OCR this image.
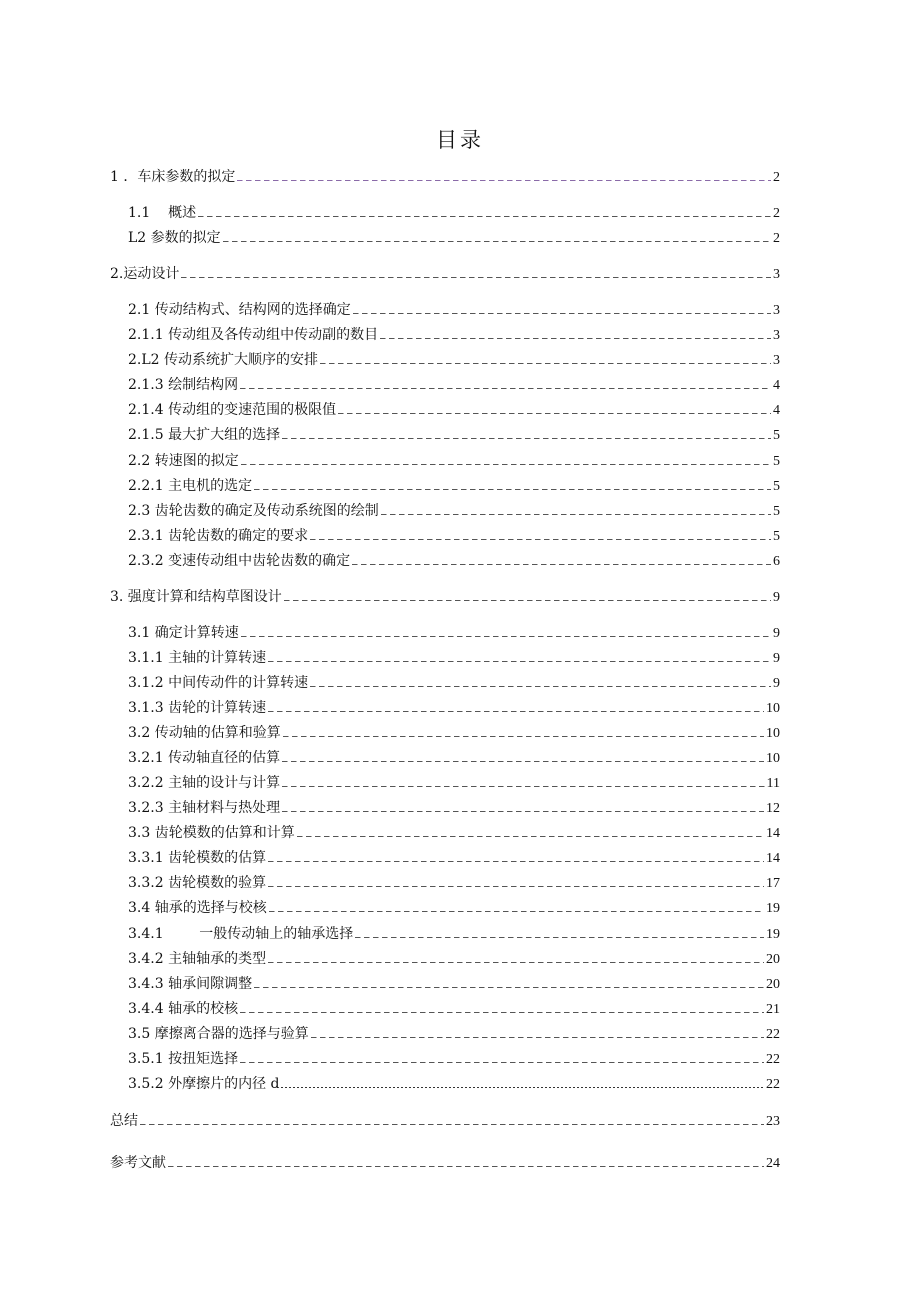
目录
1 ．车床参数的拟定	2
1.1    概述	2
L2 参数的拟定	2
2.运动设计	3
2.1 传动结构式、结构网的选择确定	3
2.1.1 传动组及各传动组中传动副的数目	3
2.L2 传动系统扩大顺序的安排	3
2.1.3 绘制结构网	4
2.1.4 传动组的变速范围的极限值	4
2.1.5 最大扩大组的选择	5
2.2 转速图的拟定	5
2.2.1 主电机的选定	5
2.3 齿轮齿数的确定及传动系统图的绘制	5
2.3.1 齿轮齿数的确定的要求	5
2.3.2 变速传动组中齿轮齿数的确定	6
3. 强度计算和结构草图设计	9
3.1 确定计算转速	9
3.1.1 主轴的计算转速	9
3.1.2 中间传动件的计算转速	9
3.1.3 齿轮的计算转速	10
3.2 传动轴的估算和验算	10
3.2.1 传动轴直径的估算	10
3.2.2 主轴的设计与计算	11
3.2.3 主轴材料与热处理	12
3.3 齿轮模数的估算和计算	14
3.3.1 齿轮模数的估算	14
3.3.2 齿轮模数的验算	17
3.4 轴承的选择与校核	19
3.4.1        一般传动轴上的轴承选择	19
3.4.2 主轴轴承的类型	20
3.4.3 轴承间隙调整	20
3.4.4 轴承的校核	21
3.5 摩擦离合器的选择与验算	22
3.5.1 按扭矩选择	22
3.5.2 外摩擦片的内径 d	22
总结	23
参考文献	24
